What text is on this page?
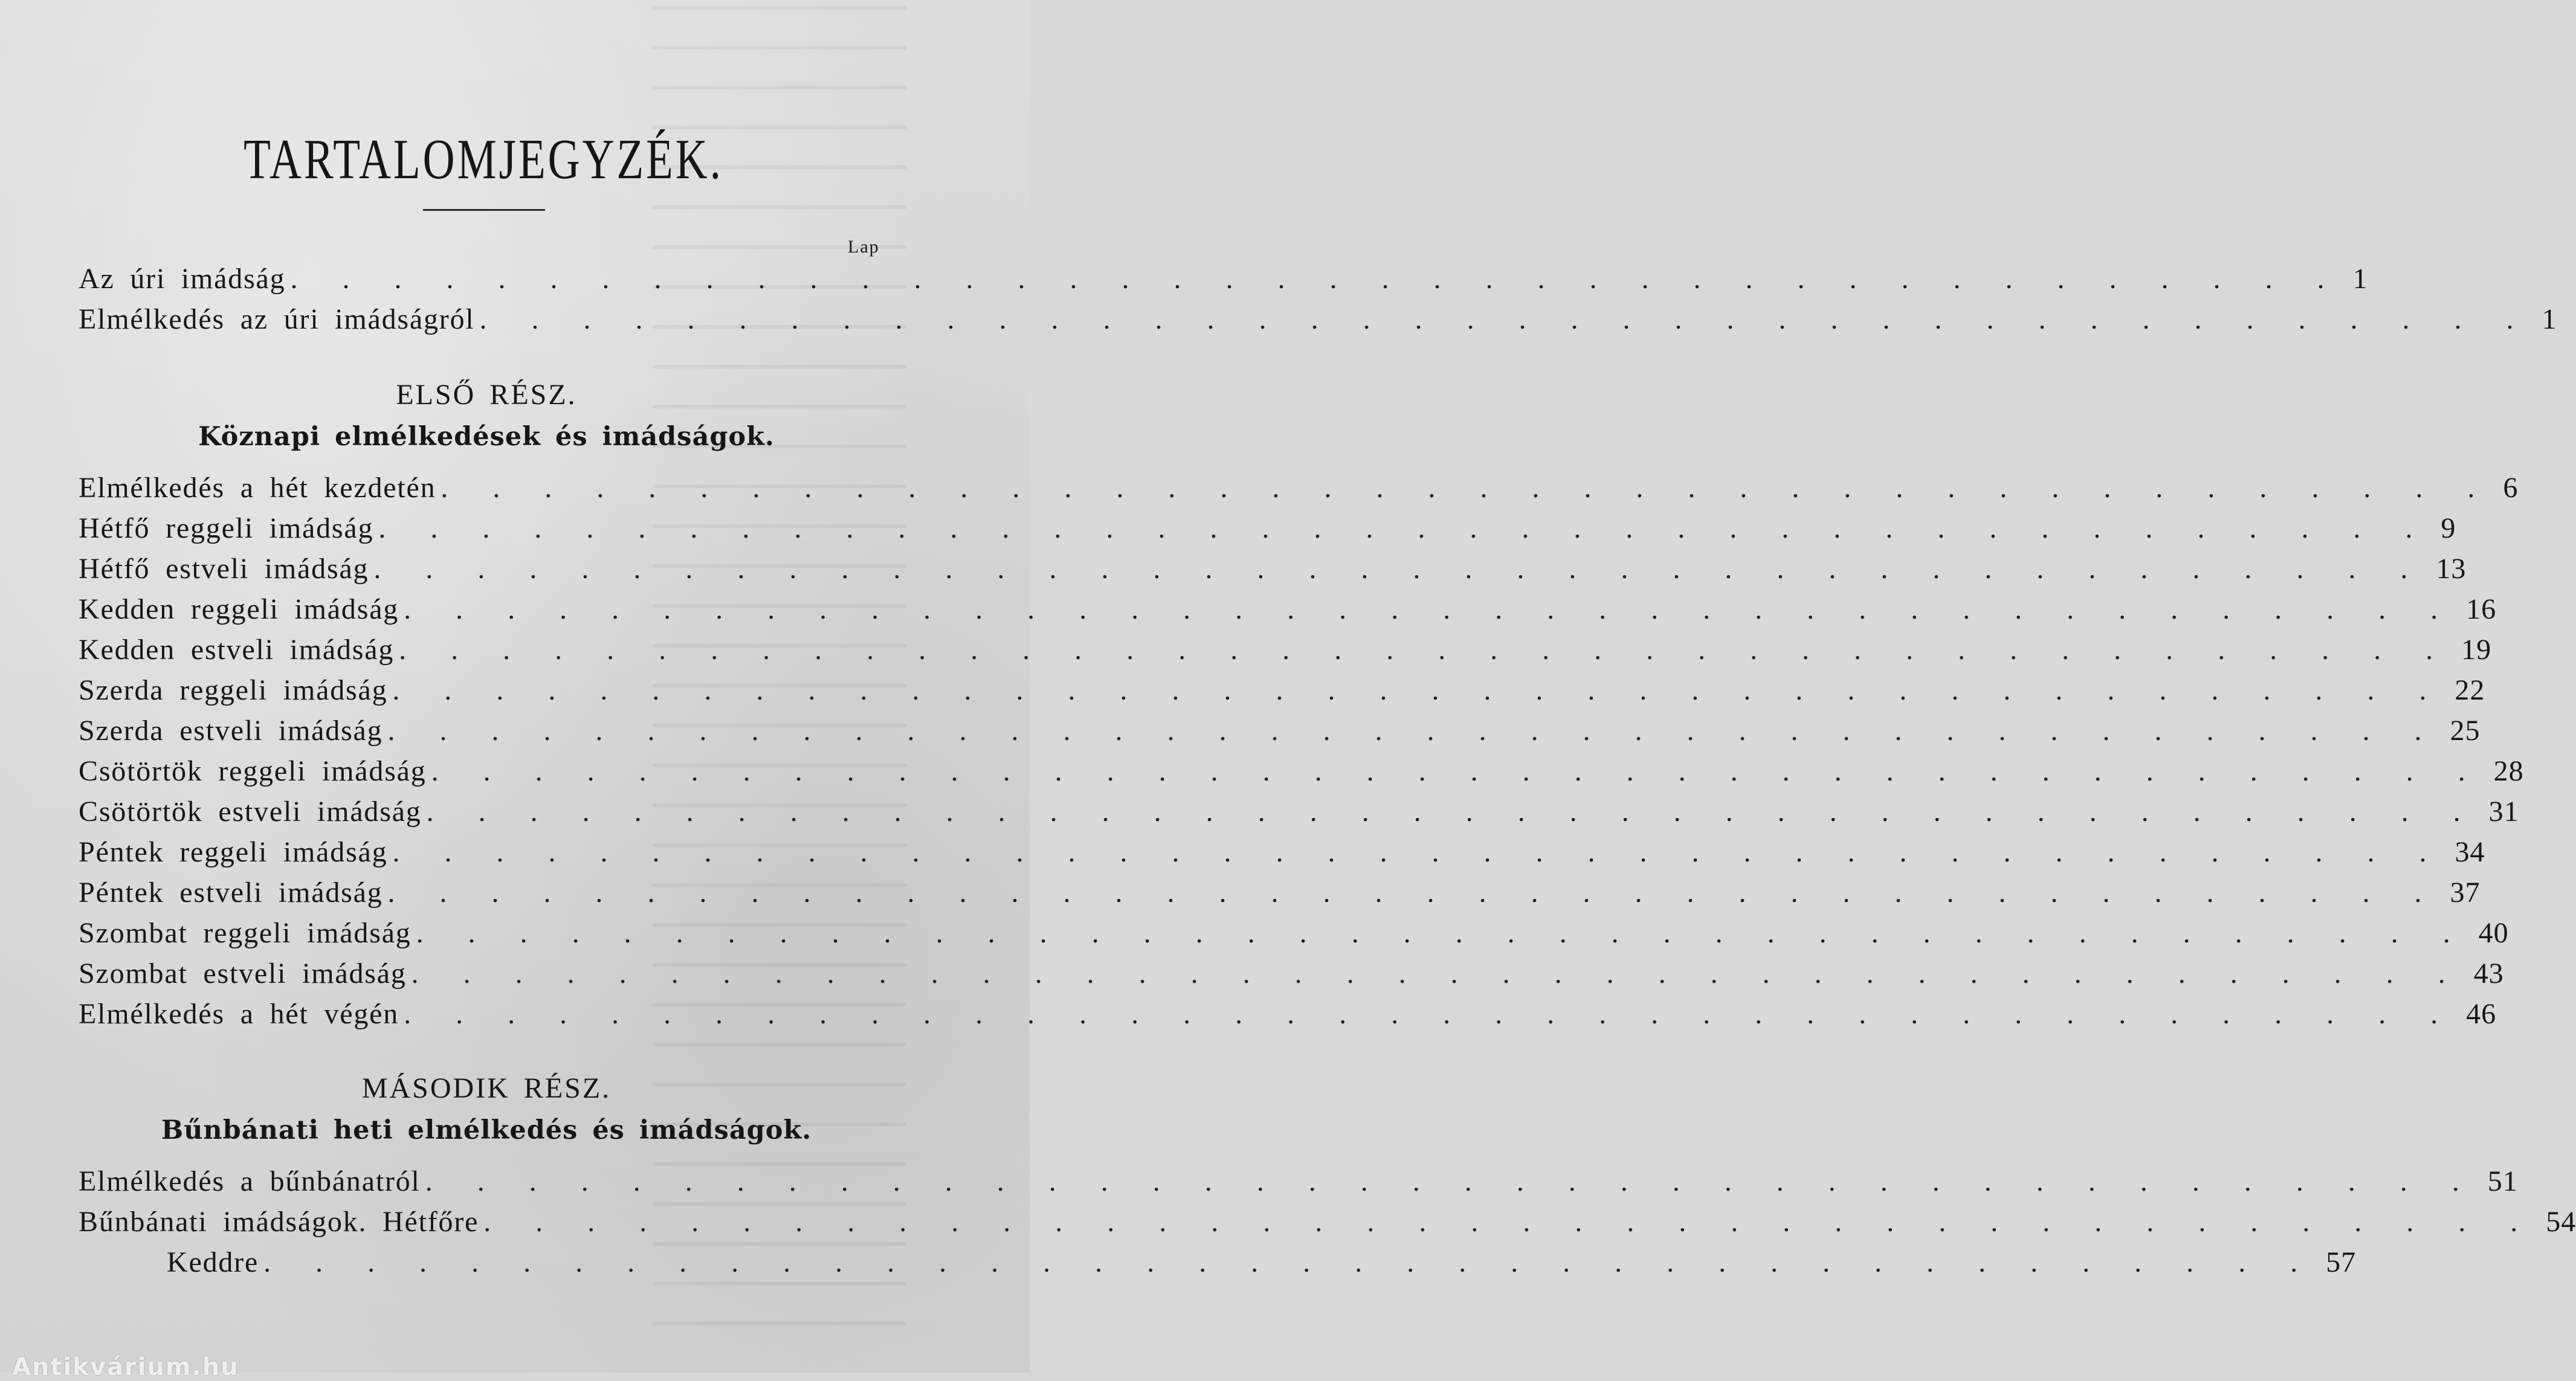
TARTALOMJEGYZÉK.
Lap
Az úri imádság . . . . . . . . . . . . . . . . . . . . . . . . . . . . . . . . . . . . . . . . 1
Elmélkedés az úri imádságról . . . . . . . . . . . . . . . . . . . . . . . . . . . . . . . . . . . . . . . . 1
ELSŐ RÉSZ.
Köznapi elmélkedések és imádságok.
Elmélkedés a hét kezdetén . . . . . . . . . . . . . . . . . . . . . . . . . . . . . . . . . . . . . . . . 6
Hétfő reggeli imádság . . . . . . . . . . . . . . . . . . . . . . . . . . . . . . . . . . . . . . . . 9
Hétfő estveli imádság . . . . . . . . . . . . . . . . . . . . . . . . . . . . . . . . . . . . . . . . 13
Kedden reggeli imádság . . . . . . . . . . . . . . . . . . . . . . . . . . . . . . . . . . . . . . . . 16
Kedden estveli imádság . . . . . . . . . . . . . . . . . . . . . . . . . . . . . . . . . . . . . . . . 19
Szerda reggeli imádság . . . . . . . . . . . . . . . . . . . . . . . . . . . . . . . . . . . . . . . . 22
Szerda estveli imádság . . . . . . . . . . . . . . . . . . . . . . . . . . . . . . . . . . . . . . . . 25
Csötörtök reggeli imádság . . . . . . . . . . . . . . . . . . . . . . . . . . . . . . . . . . . . . . . . 28
Csötörtök estveli imádság . . . . . . . . . . . . . . . . . . . . . . . . . . . . . . . . . . . . . . . . 31
Péntek reggeli imádság . . . . . . . . . . . . . . . . . . . . . . . . . . . . . . . . . . . . . . . . 34
Péntek estveli imádság . . . . . . . . . . . . . . . . . . . . . . . . . . . . . . . . . . . . . . . . 37
Szombat reggeli imádság . . . . . . . . . . . . . . . . . . . . . . . . . . . . . . . . . . . . . . . . 40
Szombat estveli imádság . . . . . . . . . . . . . . . . . . . . . . . . . . . . . . . . . . . . . . . . 43
Elmélkedés a hét végén . . . . . . . . . . . . . . . . . . . . . . . . . . . . . . . . . . . . . . . . 46
MÁSODIK RÉSZ.
Bűnbánati heti elmélkedés és imádságok.
Elmélkedés a bűnbánatról . . . . . . . . . . . . . . . . . . . . . . . . . . . . . . . . . . . . . . . . 51
Bűnbánati imádságok. Hétfőre . . . . . . . . . . . . . . . . . . . . . . . . . . . . . . . . . . . . . . . . 54
Keddre . . . . . . . . . . . . . . . . . . . . . . . . . . . . . . . . . . . . . . . . 57
Antikvárium.hu
